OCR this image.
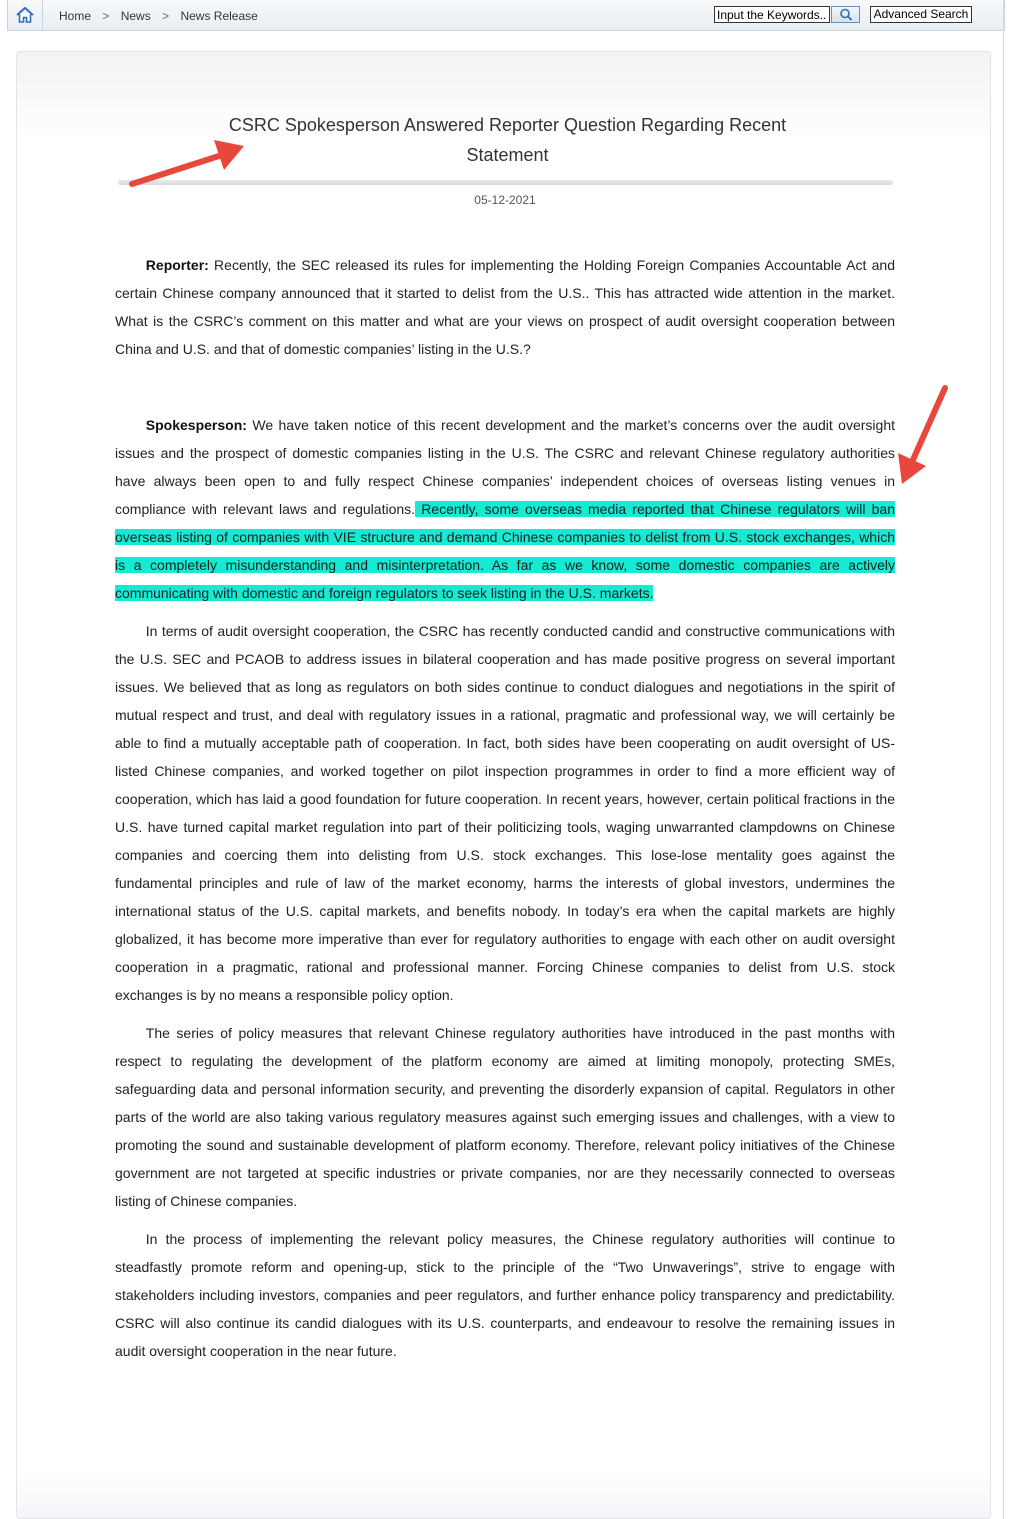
Home > News > News Release
Input the Keywords...	Advanced Search
CSRC Spokesperson Answered Reporter Question Regarding Recent Statement
05-12-2021

Reporter: Recently, the SEC released its rules for implementing the Holding Foreign Companies Accountable Act and certain Chinese company announced that it started to delist from the U.S.. This has attracted wide attention in the market. What is the CSRC’s comment on this matter and what are your views on prospect of audit oversight cooperation between China and U.S. and that of domestic companies’ listing in the U.S.?

Spokesperson: We have taken notice of this recent development and the market’s concerns over the audit oversight issues and the prospect of domestic companies listing in the U.S. The CSRC and relevant Chinese regulatory authorities have always been open to and fully respect Chinese companies’ independent choices of overseas listing venues in compliance with relevant laws and regulations. Recently, some overseas media reported that Chinese regulators will ban overseas listing of companies with VIE structure and demand Chinese companies to delist from U.S. stock exchanges, which is a completely misunderstanding and misinterpretation. As far as we know, some domestic companies are actively communicating with domestic and foreign regulators to seek listing in the U.S. markets.

In terms of audit oversight cooperation, the CSRC has recently conducted candid and constructive communications with the U.S. SEC and PCAOB to address issues in bilateral cooperation and has made positive progress on several important issues. We believed that as long as regulators on both sides continue to conduct dialogues and negotiations in the spirit of mutual respect and trust, and deal with regulatory issues in a rational, pragmatic and professional way, we will certainly be able to find a mutually acceptable path of cooperation. In fact, both sides have been cooperating on audit oversight of US-listed Chinese companies, and worked together on pilot inspection programmes in order to find a more efficient way of cooperation, which has laid a good foundation for future cooperation. In recent years, however, certain political fractions in the U.S. have turned capital market regulation into part of their politicizing tools, waging unwarranted clampdowns on Chinese companies and coercing them into delisting from U.S. stock exchanges. This lose-lose mentality goes against the fundamental principles and rule of law of the market economy, harms the interests of global investors, undermines the international status of the U.S. capital markets, and benefits nobody. In today’s era when the capital markets are highly globalized, it has become more imperative than ever for regulatory authorities to engage with each other on audit oversight cooperation in a pragmatic, rational and professional manner. Forcing Chinese companies to delist from U.S. stock exchanges is by no means a responsible policy option.

The series of policy measures that relevant Chinese regulatory authorities have introduced in the past months with respect to regulating the development of the platform economy are aimed at limiting monopoly, protecting SMEs, safeguarding data and personal information security, and preventing the disorderly expansion of capital. Regulators in other parts of the world are also taking various regulatory measures against such emerging issues and challenges, with a view to promoting the sound and sustainable development of platform economy. Therefore, relevant policy initiatives of the Chinese government are not targeted at specific industries or private companies, nor are they necessarily connected to overseas listing of Chinese companies.

In the process of implementing the relevant policy measures, the Chinese regulatory authorities will continue to steadfastly promote reform and opening-up, stick to the principle of the “Two Unwaverings”, strive to engage with stakeholders including investors, companies and peer regulators, and further enhance policy transparency and predictability. CSRC will also continue its candid dialogues with its U.S. counterparts, and endeavour to resolve the remaining issues in audit oversight cooperation in the near future.
